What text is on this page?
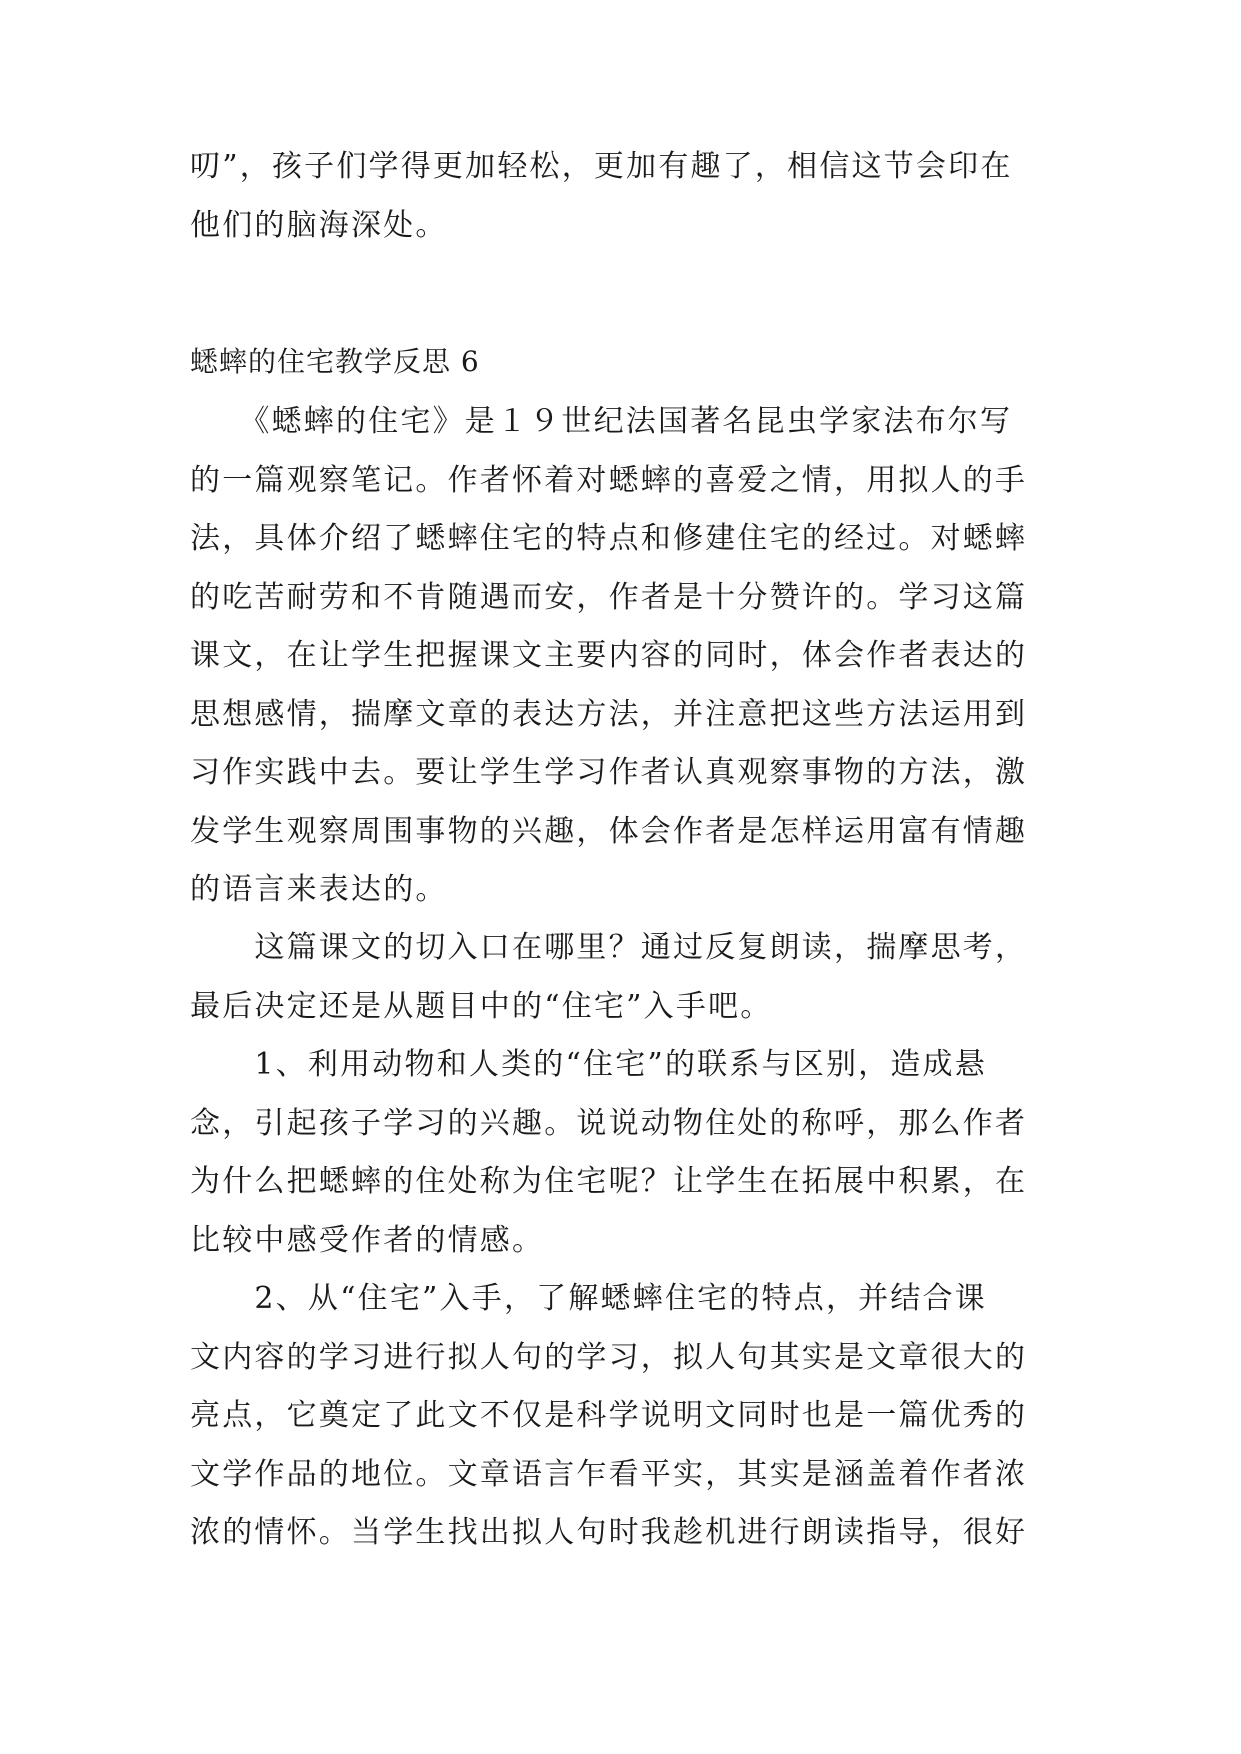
叨”，孩子们学得更加轻松，更加有趣了，相信这节会印在
他们的脑海深处。
蟋蟀的住宅教学反思 6
　　《蟋蟀的住宅》是１９世纪法国著名昆虫学家法布尔写
的一篇观察笔记。作者怀着对蟋蟀的喜爱之情，用拟人的手
法，具体介绍了蟋蟀住宅的特点和修建住宅的经过。对蟋蟀
的吃苦耐劳和不肯随遇而安，作者是十分赞许的。学习这篇
课文，在让学生把握课文主要内容的同时，体会作者表达的
思想感情，揣摩文章的表达方法，并注意把这些方法运用到
习作实践中去。要让学生学习作者认真观察事物的方法，激
发学生观察周围事物的兴趣，体会作者是怎样运用富有情趣
的语言来表达的。
　　这篇课文的切入口在哪里？通过反复朗读，揣摩思考，
最后决定还是从题目中的“住宅”入手吧。
　　1、利用动物和人类的“住宅”的联系与区别，造成悬
念，引起孩子学习的兴趣。说说动物住处的称呼，那么作者
为什么把蟋蟀的住处称为住宅呢？让学生在拓展中积累，在
比较中感受作者的情感。
　　2、从“住宅”入手，了解蟋蟀住宅的特点，并结合课
文内容的学习进行拟人句的学习，拟人句其实是文章很大的
亮点，它奠定了此文不仅是科学说明文同时也是一篇优秀的
文学作品的地位。文章语言乍看平实，其实是涵盖着作者浓
浓的情怀。当学生找出拟人句时我趁机进行朗读指导，很好
